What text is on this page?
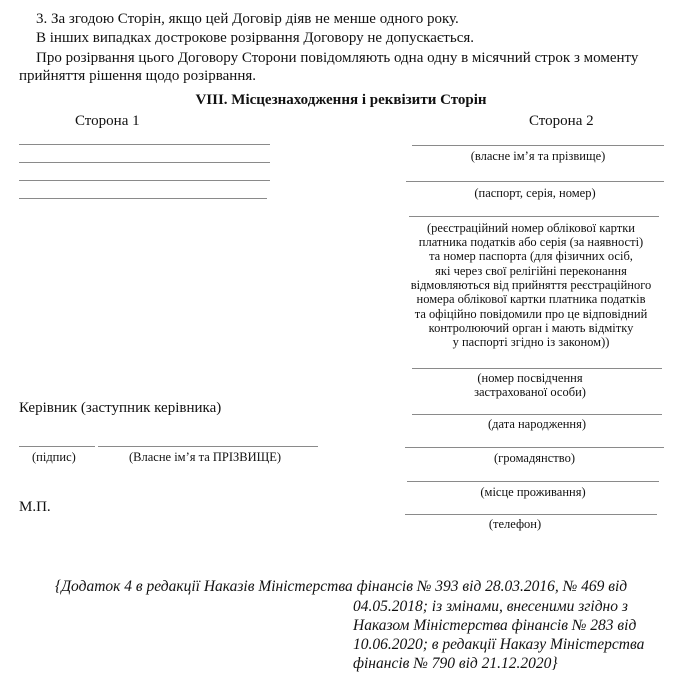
3. За згодою Сторін, якщо цей Договір діяв не менше одного року.
В інших випадках дострокове розірвання Договору не допускається.
Про розірвання цього Договору Сторони повідомляють одна одну в місячний строк з моменту
прийняття рішення щодо розірвання.
VIII. Місцезнаходження і реквізити Сторін
Сторона 1
Керівник (заступник керівника)
(підпис)	(Власне ім’я та ПРІЗВИЩЕ)
М.П.
Сторона 2
(власне ім’я та прізвище)
(паспорт, серія, номер)
(реєстраційний номер облікової картки
платника податків або серія (за наявності)
та номер паспорта (для фізичних осіб,
які через свої релігійні переконання
відмовляються від прийняття реєстраційного
номера облікової картки платника податків
та офіційно повідомили про це відповідний
контролюючий орган і мають відмітку
у паспорті згідно із законом))
(номер посвідчення
застрахованої особи)
(дата народження)
(громадянство)
(місце проживання)
(телефон)
{Додаток 4 в редакції Наказів Міністерства фінансів № 393 від 28.03.2016, № 469 від
04.05.2018; із змінами, внесеними згідно з
Наказом Міністерства фінансів № 283 від
10.06.2020; в редакції Наказу Міністерства
фінансів № 790 від 21.12.2020}
